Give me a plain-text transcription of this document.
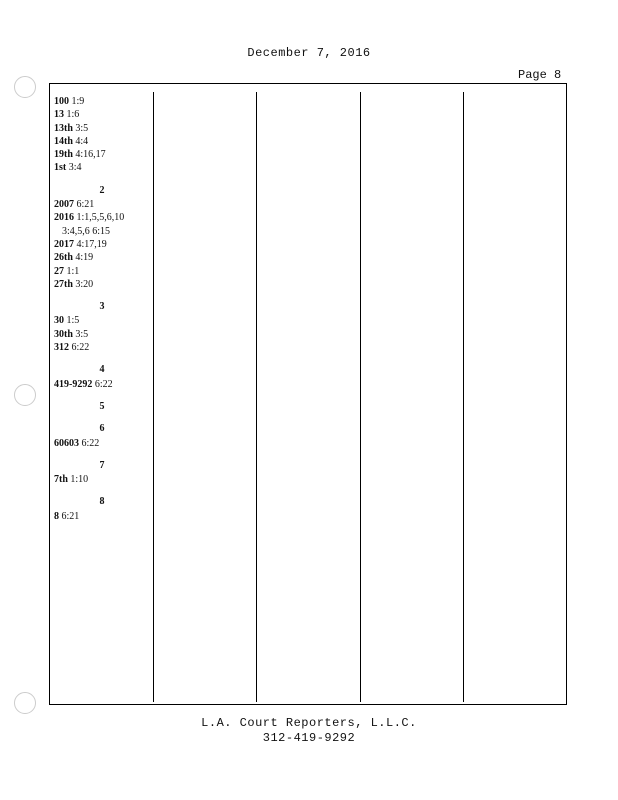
December 7, 2016
Page 8
100 1:9
13 1:6
13th 3:5
14th 4:4
19th 4:16,17
1st 3:4
2
2007 6:21
2016 1:1,5,5,6,10
3:4,5,6 6:15
2017 4:17,19
26th 4:19
27 1:1
27th 3:20
3
30 1:5
30th 3:5
312 6:22
4
419-9292 6:22
5
6
60603 6:22
7
7th 1:10
8
8 6:21
L.A. Court Reporters, L.L.C.
312-419-9292
